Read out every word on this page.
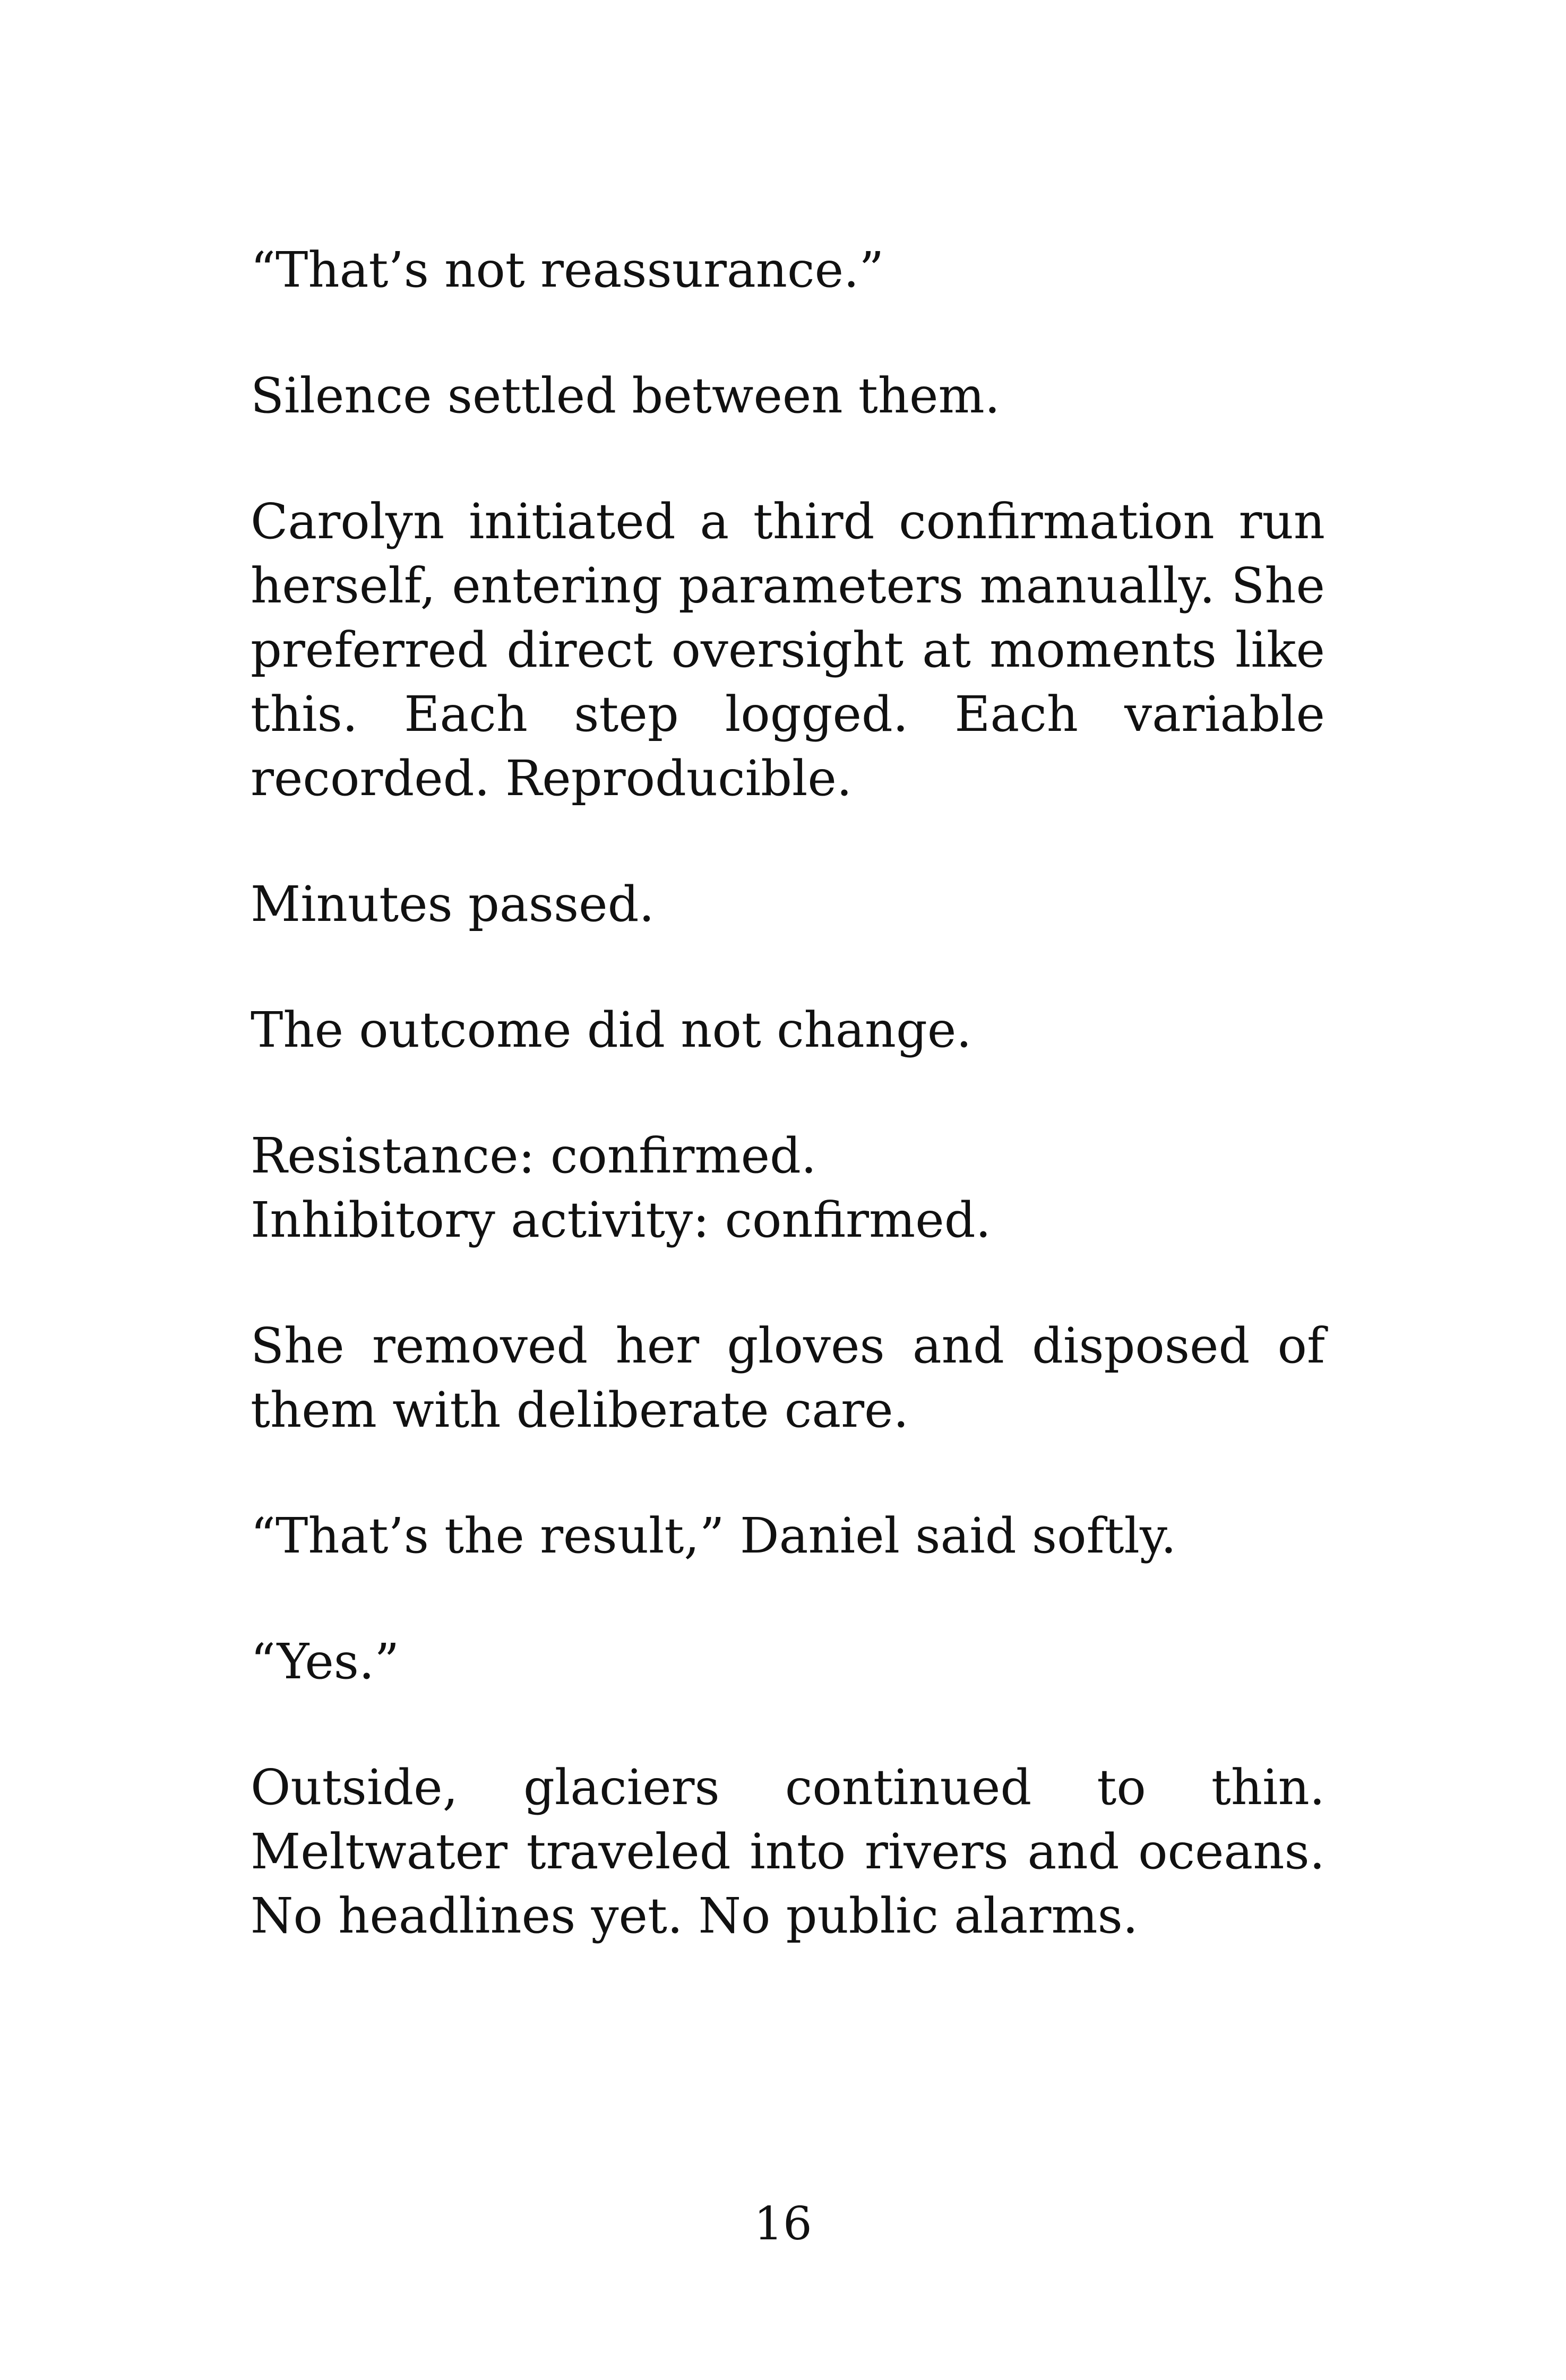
“That’s not reassurance.”

Silence settled between them.

Carolyn initiated a third confirmation run herself, entering parameters manually. She preferred direct oversight at moments like this. Each step logged. Each variable recorded. Reproducible.

Minutes passed.

The outcome did not change.

Resistance: confirmed.
Inhibitory activity: confirmed.

She removed her gloves and disposed of them with deliberate care.

“That’s the result,” Daniel said softly.

“Yes.”

Outside, glaciers continued to thin. Meltwater traveled into rivers and oceans. No headlines yet. No public alarms.

16
